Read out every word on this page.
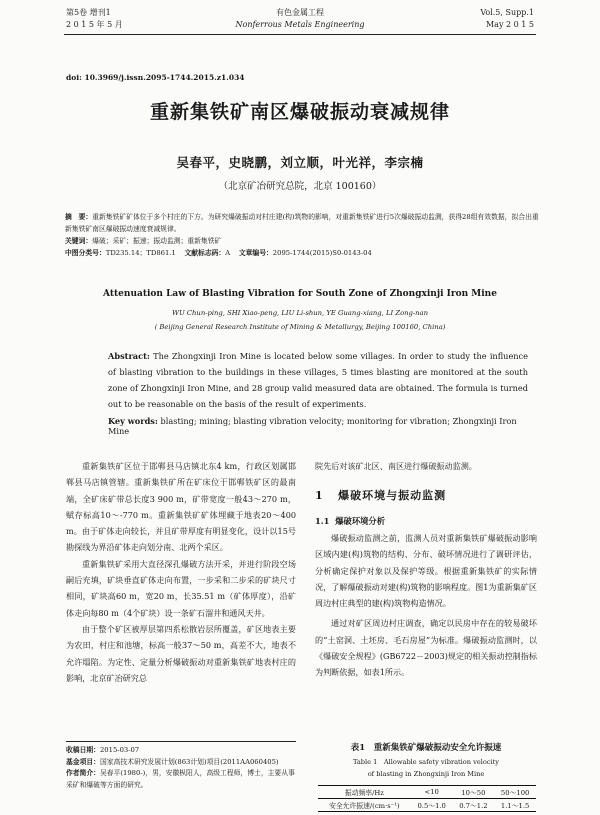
第5卷 增刊1
2 0 1 5 年 5 月
有色金属工程
Nonferrous Metals Engineering
Vol.5, Supp.1
May 2 0 1 5
doi: 10.3969/j.issn.2095-1744.2015.z1.034
重新集铁矿南区爆破振动衰减规律
吴春平，史晓鹏，刘立顺，叶光祥，李宗楠
（北京矿冶研究总院，北京 100160）
摘　要：重新集铁矿矿体位于多个村庄的下方。为研究爆破振动对村庄建(构)筑物的影响，对重新集铁矿进行5次爆破振动监测，获得28组有效数据，拟合出重新集铁矿南区爆破振动速度衰减规律。
关键词：爆破；采矿；振速；振动监测；重新集铁矿
中图分类号：TD235.14；TD861.1 文献标志码：A 文章编号：2095-1744(2015)S0-0143-04
Attenuation Law of Blasting Vibration for South Zone of Zhongxinji Iron Mine
WU Chun-ping, SHI Xiao-peng, LIU Li-shun, YE Guang-xiang, LI Zong-nan
( Beijing General Research Institute of Mining & Metallurgy, Beijing 100160, China)
Abstract: The Zhongxinji Iron Mine is located below some villages. In order to study the influence of blasting vibration to the buildings in these villages, 5 times blasting are monitored at the south zone of Zhongxinji Iron Mine, and 28 group valid measured data are obtained. The formula is turned out to be reasonable on the basis of the result of experiments.
Key words: blasting; mining; blasting vibration velocity; monitoring for vibration; Zhongxinji Iron Mine

重新集铁矿区位于邯郸县马店镇北东4 km，行政区划属邯郸县马店镇管辖。重新集铁矿所在矿床位于邯郸铁矿区的最南端，全矿床矿带总长度3 900 m，矿带宽度一般43～270 m，赋存标高10～-770 m。重新集铁矿矿体埋藏于地表20～400 m。由于矿体走向较长，并且矿带厚度有明显变化，设计以15号勘探线为界沿矿体走向划分南、北两个采区。

重新集铁矿采用大直径深孔爆破方法开采，并进行阶段空场嗣后充填，矿块垂直矿体走向布置，一步采和二步采的矿块尺寸相同，矿块高60 m，宽20 m，长35.51 m（矿体厚度），沿矿体走向每80 m（4个矿块）设一条矿石溜井和通风天井。

由于整个矿区被厚层第四系松散岩层所覆盖，矿区地表主要为农田，村庄和池塘，标高一般37～50 m，高差不大，地表不允许塌陷。为定性、定量分析爆破振动对重新集铁矿地表村庄的影响，北京矿冶研究总

收稿日期：2015-03-07
基金项目：国家高技术研究发展计划(863计划)项目(2011AA060405)
作者简介：吴春平(1980-)，男，安徽枞阳人，高级工程师，博士，主要从事采矿和爆破等方面的研究。
院先后对该矿北区、南区进行爆破振动监测。
1 爆破环境与振动监测
1.1 爆破环境分析

爆破振动监测之前，监测人员对重新集铁矿爆破振动影响区域内建(构)筑物的结构、分布、破坏情况进行了调研评估，分析确定保护对象以及保护等级。根据重新集铁矿的实际情况，了解爆破振动对建(构)筑物的影响程度。图1为重新集矿区周边村庄典型的建(构)筑物构造情况。

通过对矿区周边村庄调查，确定以民房中存在的较易破坏的“土窑洞、土坯房、毛石房屋”为标准。爆破振动监测时，以《爆破安全规程》(GB6722－2003)规定的相关振动控制指标为判断依据，如表1所示。

表1　重新集铁矿爆破振动安全允许振速
Table 1　Allowable safety vibration velocity
of blasting in Zhongxinji Iron Mine
振动频率/Hz	<10	10～50	50～100
安全允许振速/(cm·s⁻¹)	0.5～1.0	0.7～1.2	1.1～1.5
